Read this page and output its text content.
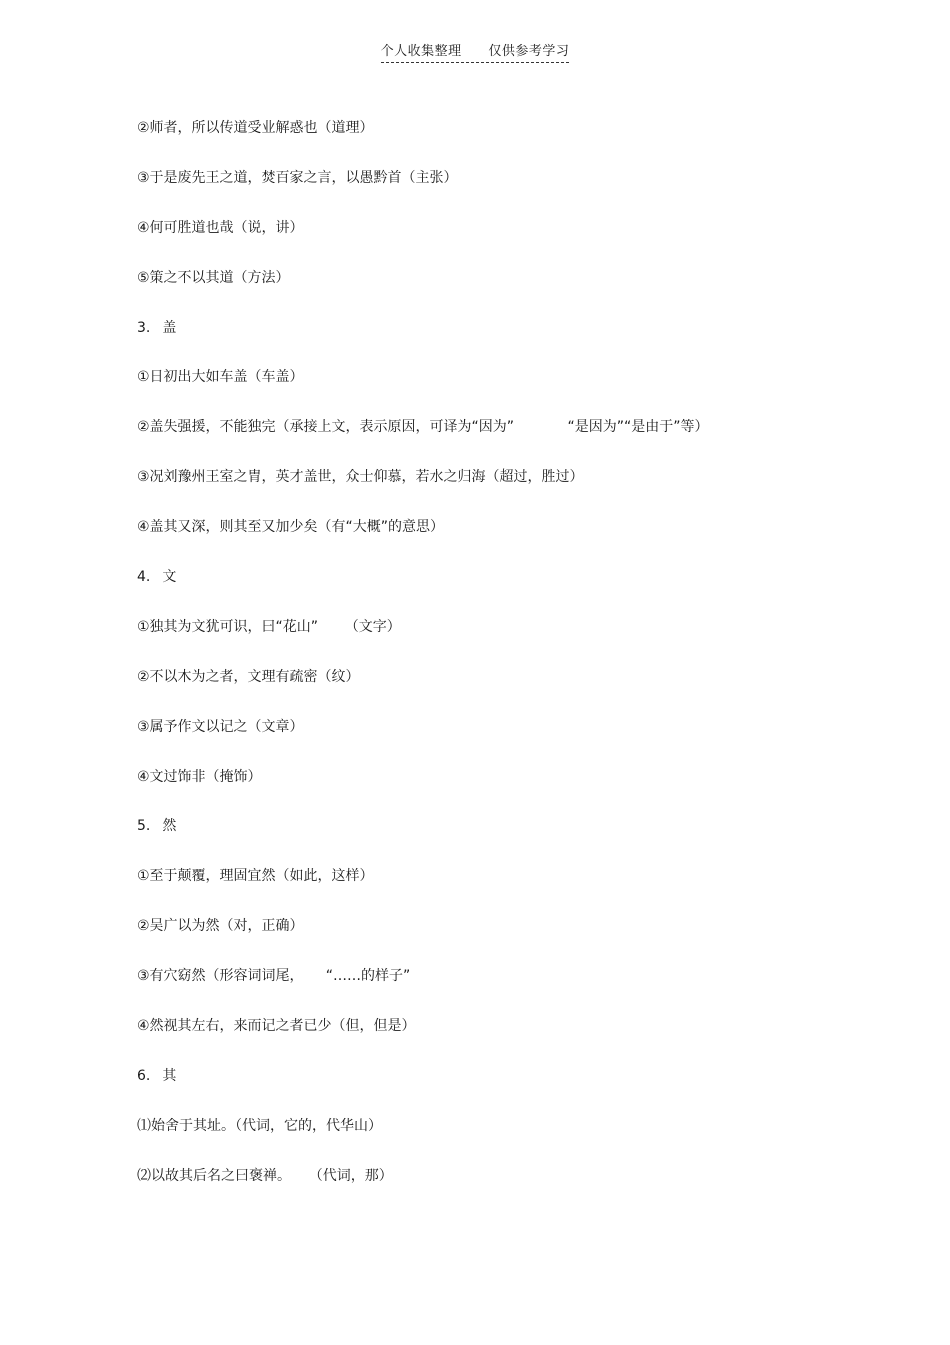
个人收集整理 仅供参考学习
②师者，所以传道受业解惑也（道理）
③于是废先王之道，焚百家之言，以愚黔首（主张）
④何可胜道也哉（说，讲）
⑤策之不以其道（方法）
3. 盖
①日初出大如车盖（车盖）
②盖失强援，不能独完（承接上文，表示原因，可译为“因为”            “是因为”“是由于”等）
③况刘豫州王室之胄，英才盖世，众士仰慕，若水之归海（超过，胜过）
④盖其又深，则其至又加少矣（有“大概”的意思）
4. 文
①独其为文犹可识，曰“花山”      （文字）
②不以木为之者，文理有疏密（纹）
③属予作文以记之（文章）
④文过饰非（掩饰）
5. 然
①至于颠覆，理固宜然（如此，这样）
②吴广以为然（对，正确）
③有穴窈然（形容词词尾，     “……的样子”
④然视其左右，来而记之者已少（但，但是）
6. 其
⑴始舍于其址。（代词，它的，代华山）
⑵以故其后名之曰褒禅。    （代词，那）
